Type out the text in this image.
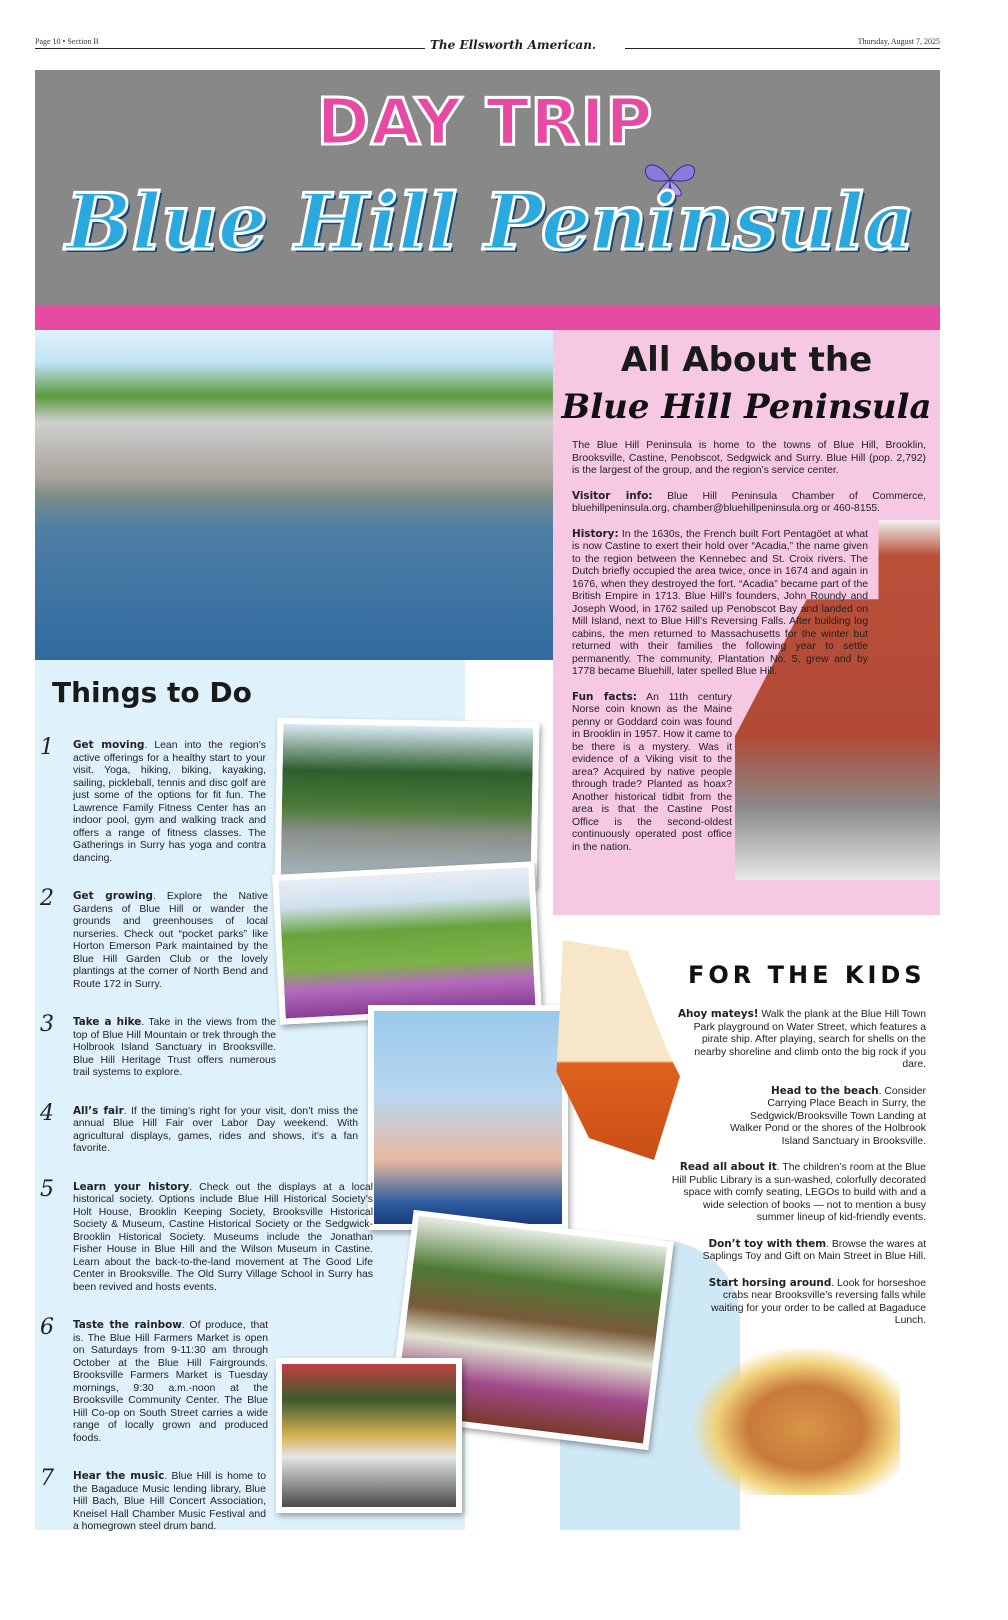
Page 10 • Section B	The Ellsworth American.	Thursday, August 7, 2025
DAY TRIP
Blue Hill Peninsula
All About the
Blue Hill Peninsula

The Blue Hill Peninsula is home to the towns of Blue Hill, Brooklin, Brooksville, Castine, Penobscot, Sedgwick and Surry. Blue Hill (pop. 2,792) is the largest of the group, and the region’s service center.

Visitor info: Blue Hill Peninsula Chamber of Commerce, bluehillpeninsula.org, chamber@bluehillpeninsula.org or 460-8155.

History: In the 1630s, the French built Fort Pentagöet at what is now Castine to exert their hold over “Acadia,” the name given to the region between the Kennebec and St. Croix rivers. The Dutch briefly occupied the area twice, once in 1674 and again in 1676, when they destroyed the fort. “Acadia” became part of the British Empire in 1713. Blue Hill’s founders, John Roundy and Joseph Wood, in 1762 sailed up Penobscot Bay and landed on Mill Island, next to Blue Hill’s Reversing Falls. After building log cabins, the men returned to Massachusetts for the winter but returned with their families the following year to settle permanently. The community, Plantation No. 5, grew and by 1778 became Bluehill, later spelled Blue Hill.

Fun facts: An 11th century Norse coin known as the Maine penny or Goddard coin was found in Brooklin in 1957. How it came to be there is a mystery. Was it evidence of a Viking visit to the area? Acquired by native people through trade? Planted as hoax? Another historical tidbit from the area is that the Castine Post Office is the second-oldest continuously operated post office in the nation.

Things to Do
1	Get moving. Lean into the region’s active offerings for a healthy start to your visit. Yoga, hiking, biking, kayaking, sailing, pickleball, tennis and disc golf are just some of the options for fit fun. The Lawrence Family Fitness Center has an indoor pool, gym and walking track and offers a range of fitness classes. The Gatherings in Surry has yoga and contra dancing.

2	Get growing. Explore the Native Gardens of Blue Hill or wander the grounds and greenhouses of local nurseries. Check out “pocket parks” like Horton Emerson Park maintained by the Blue Hill Garden Club or the lovely plantings at the corner of North Bend and Route 172 in Surry.

3	Take a hike. Take in the views from the top of Blue Hill Mountain or trek through the Holbrook Island Sanctuary in Brooksville. Blue Hill Heritage Trust offers numerous trail systems to explore.

4	All’s fair. If the timing’s right for your visit, don’t miss the annual Blue Hill Fair over Labor Day weekend. With agricultural displays, games, rides and shows, it’s a fan favorite.

5	Learn your history. Check out the displays at a local historical society. Options include Blue Hill Historical Society’s Holt House, Brooklin Keeping Society, Brooksville Historical Society & Museum, Castine Historical Society or the Sedgwick-Brooklin Historical Society. Museums include the Jonathan Fisher House in Blue Hill and the Wilson Museum in Castine. Learn about the back-to-the-land movement at The Good Life Center in Brooksville. The Old Surry Village School in Surry has been revived and hosts events.

6	Taste the rainbow. Of produce, that is. The Blue Hill Farmers Market is open on Saturdays from 9-11:30 am through October at the Blue Hill Fairgrounds. Brooksville Farmers Market is Tuesday mornings, 9:30 a.m.-noon at the Brooksville Community Center. The Blue Hill Co-op on South Street carries a wide range of locally grown and produced foods.

7	Hear the music. Blue Hill is home to the Bagaduce Music lending library, Blue Hill Bach, Blue Hill Concert Association, Kneisel Hall Chamber Music Festival and a homegrown steel drum band.

FOR THE KIDS

Ahoy mateys! Walk the plank at the Blue Hill Town Park playground on Water Street, which features a pirate ship. After playing, search for shells on the nearby shoreline and climb onto the big rock if you dare.

Head to the beach. Consider Carrying Place Beach in Surry, the Sedgwick/Brooksville Town Landing at Walker Pond or the shores of the Holbrook Island Sanctuary in Brooksville.

Read all about it. The children’s room at the Blue Hill Public Library is a sun-washed, colorfully decorated space with comfy seating, LEGOs to build with and a wide selection of books — not to mention a busy summer lineup of kid-friendly events.

Don’t toy with them. Browse the wares at Saplings Toy and Gift on Main Street in Blue Hill.

Start horsing around. Look for horseshoe crabs near Brooksville’s reversing falls while waiting for your order to be called at Bagaduce Lunch.
